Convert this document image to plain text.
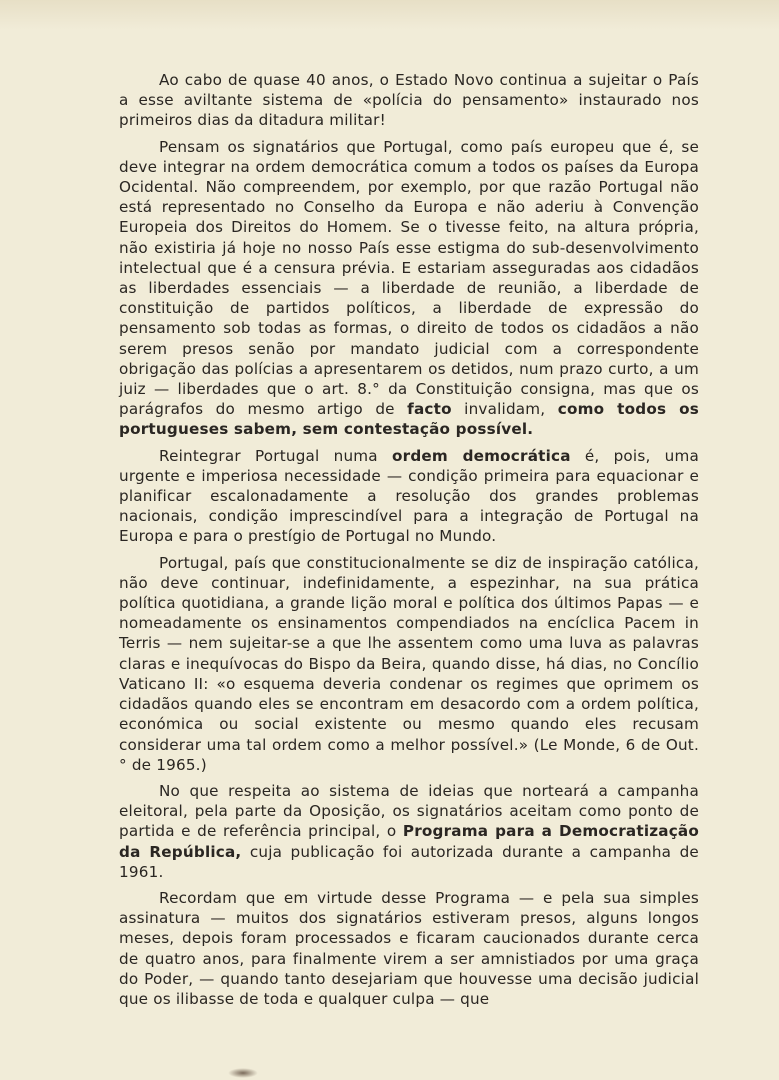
Ao cabo de quase 40 anos, o Estado Novo continua a sujeitar o País a esse aviltante sistema de «polícia do pensamento» instaurado nos primeiros dias da ditadura militar!

Pensam os signatários que Portugal, como país europeu que é, se deve integrar na ordem democrática comum a todos os países da Europa Ocidental. Não compreendem, por exemplo, por que razão Portugal não está representado no Conselho da Europa e não aderiu à Convenção Europeia dos Direitos do Homem. Se o tivesse feito, na altura própria, não existiria já hoje no nosso País esse estigma do sub-desenvolvimento intelectual que é a censura prévia. E estariam asseguradas aos cidadãos as liberdades essenciais — a liberdade de reunião, a liberdade de constituição de partidos políticos, a liberdade de expressão do pensamento sob todas as formas, o direito de todos os cidadãos a não serem presos senão por mandato judicial com a correspondente obrigação das polícias a apresentarem os detidos, num prazo curto, a um juiz — liberdades que o art. 8.° da Constituição consigna, mas que os parágrafos do mesmo artigo de facto invalidam, como todos os portugueses sabem, sem contestação possível.

Reintegrar Portugal numa ordem democrática é, pois, uma urgente e imperiosa necessidade — condição primeira para equacionar e planificar escalonadamente a resolução dos grandes problemas nacionais, condição imprescindível para a integração de Portugal na Europa e para o prestígio de Portugal no Mundo.

Portugal, país que constitucionalmente se diz de inspiração católica, não deve continuar, indefinidamente, a espezinhar, na sua prática política quotidiana, a grande lição moral e política dos últimos Papas — e nomeadamente os ensinamentos compendiados na encíclica Pacem in Terris — nem sujeitar-se a que lhe assentem como uma luva as palavras claras e inequívocas do Bispo da Beira, quando disse, há dias, no Concílio Vaticano II: «o esquema deveria condenar os regimes que oprimem os cidadãos quando eles se encontram em desacordo com a ordem política, económica ou social existente ou mesmo quando eles recusam considerar uma tal ordem como a melhor possível.» (Le Monde, 6 de Out.° de 1965.)

No que respeita ao sistema de ideias que norteará a campanha eleitoral, pela parte da Oposição, os signatários aceitam como ponto de partida e de referência principal, o Programa para a Democratização da República, cuja publicação foi autorizada durante a campanha de 1961.

Recordam que em virtude desse Programa — e pela sua simples assinatura — muitos dos signatários estiveram presos, alguns longos meses, depois foram processados e ficaram caucionados durante cerca de quatro anos, para finalmente virem a ser amnistiados por uma graça do Poder, — quando tanto desejariam que houvesse uma decisão judicial que os ilibasse de toda e qualquer culpa — que
